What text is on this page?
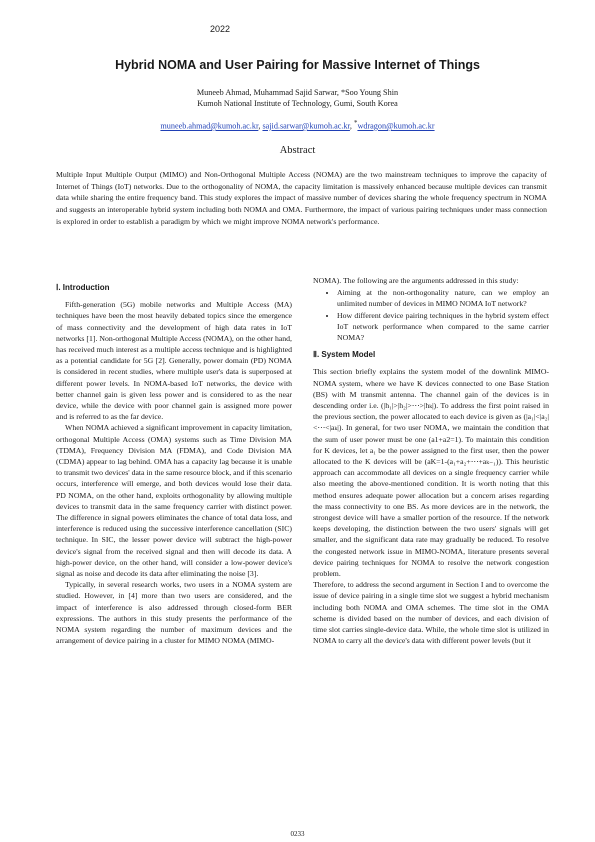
2022
Hybrid NOMA and User Pairing for Massive Internet of Things
Muneeb Ahmad, Muhammad Sajid Sarwar, *Soo Young Shin
Kumoh National Institute of Technology, Gumi, South Korea
muneeb.ahmad@kumoh.ac.kr, sajid.sarwar@kumoh.ac.kr, *wdragon@kumoh.ac.kr
Abstract
Multiple Input Multiple Output (MIMO) and Non-Orthogonal Multiple Access (NOMA) are the two mainstream techniques to improve the capacity of Internet of Things (IoT) networks. Due to the orthogonality of NOMA, the capacity limitation is massively enhanced because multiple devices can transmit data while sharing the entire frequency band. This study explores the impact of massive number of devices sharing the whole frequency spectrum in NOMA and suggests an interoperable hybrid system including both NOMA and OMA. Furthermore, the impact of various pairing techniques under mass connection is explored in order to establish a paradigm by which we might improve NOMA network's performance.
Ⅰ. Introduction

Fifth-generation (5G) mobile networks and Multiple Access (MA) techniques have been the most heavily debated topics since the emergence of mass connectivity and the development of high data rates in IoT networks [1]. Non-orthogonal Multiple Access (NOMA), on the other hand, has received much interest as a multiple access technique and is highlighted as a potential candidate for 5G [2]. Generally, power domain (PD) NOMA is considered in recent studies, where multiple user's data is superposed at different power levels. In NOMA-based IoT networks, the device with better channel gain is given less power and is considered to as the near device, while the device with poor channel gain is assigned more power and is referred to as the far device.

When NOMA achieved a significant improvement in capacity limitation, orthogonal Multiple Access (OMA) systems such as Time Division MA (TDMA), Frequency Division MA (FDMA), and Code Division MA (CDMA) appear to lag behind. OMA has a capacity lag because it is unable to transmit two devices' data in the same resource block, and if this scenario occurs, interference will emerge, and both devices would lose their data. PD NOMA, on the other hand, exploits orthogonality by allowing multiple devices to transmit data in the same frequency carrier with distinct power. The difference in signal powers eliminates the chance of total data loss, and interference is reduced using the successive interference cancellation (SIC) technique. In SIC, the lesser power device will subtract the high-power device's signal from the received signal and then will decode its data. A high-power device, on the other hand, will consider a low-power device's signal as noise and decode its data after eliminating the noise [3].

Typically, in several research works, two users in a NOMA system are studied. However, in [4] more than two users are considered, and the impact of interference is also addressed through closed-form BER expressions. The authors in this study presents the performance of the NOMA system regarding the number of maximum devices and the arrangement of device pairing in a cluster for MIMO NOMA (MIMO-

NOMA). The following are the arguments addressed in this study:

• Aiming at the non-orthogonality nature, can we employ an unlimited number of devices in MIMO NOMA IoT network?
• How different device pairing techniques in the hybrid system effect IoT network performance when compared to the same carrier NOMA?
Ⅱ. System Model

This section briefly explains the system model of the downlink MIMO-NOMA system, where we have K devices connected to one Base Station (BS) with M transmit antenna. The channel gain of the devices is in descending order i.e. (|h₁|>|h₂|>⋯>|hₖ|). To address the first point raised in the previous section, the power allocated to each device is given as (|a₁|<|a₂|<⋯<|aₖ|). In general, for two user NOMA, we maintain the condition that the sum of user power must be one (a1+a2=1). To maintain this condition for K devices, let a₁ be the power assigned to the first user, then the power allocated to the K devices will be (aK=1-(a₁+a₂+⋯+aₖ₋₁)). This heuristic approach can accommodate all devices on a single frequency carrier while also meeting the above-mentioned condition. It is worth noting that this method ensures adequate power allocation but a concern arises regarding the mass connectivity to one BS. As more devices are in the network, the strongest device will have a smaller portion of the resource. If the network keeps developing, the distinction between the two users' signals will get smaller, and the significant data rate may gradually be reduced. To resolve the congested network issue in MIMO-NOMA, literature presents several device pairing techniques for NOMA to resolve the network congestion problem.

Therefore, to address the second argument in Section I and to overcome the issue of device pairing in a single time slot we suggest a hybrid mechanism including both NOMA and OMA schemes. The time slot in the OMA scheme is divided based on the number of devices, and each division of time slot carries single-device data. While, the whole time slot is utilized in NOMA to carry all the device's data with different power levels (but it

0233
